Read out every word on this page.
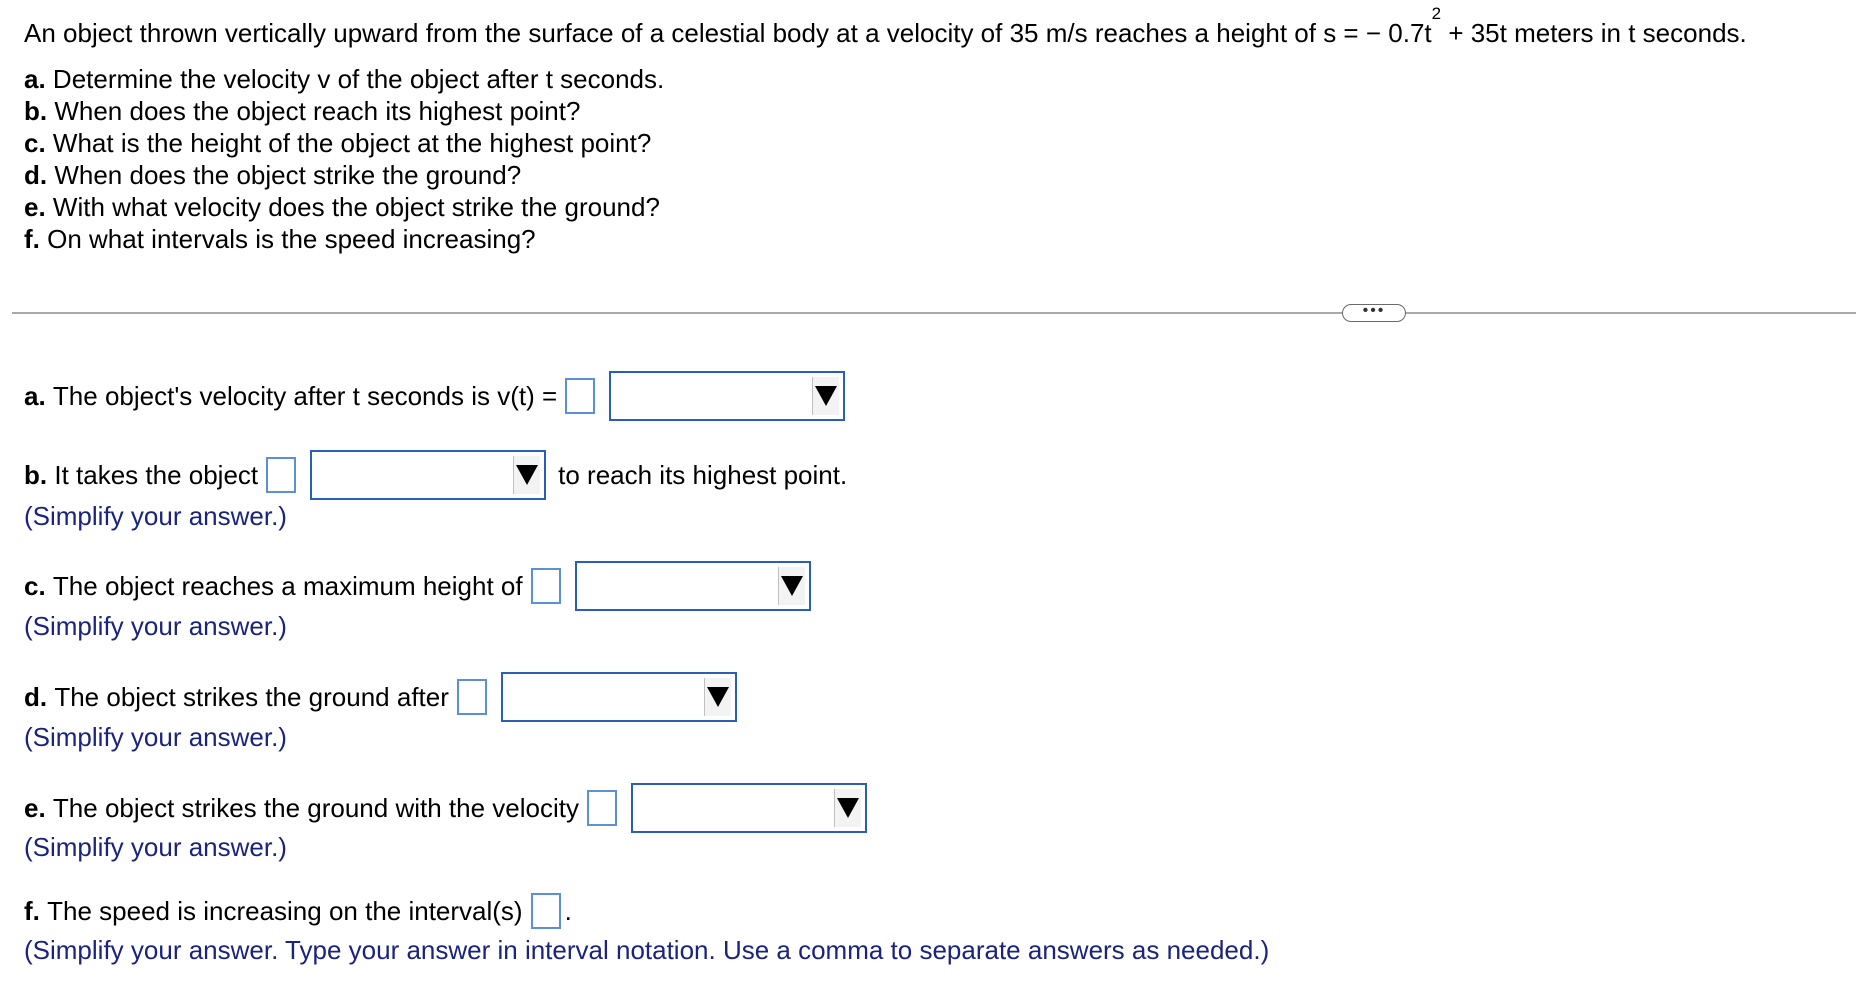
An object thrown vertically upward from the surface of a celestial body at a velocity of 35 m/s reaches a height of s = − $0.7t^2 + 35t$ meters in t seconds.
a. Determine the velocity v of the object after t seconds.
b. When does the object reach its highest point?
c. What is the height of the object at the highest point?
d. When does the object strike the ground?
e. With what velocity does the object strike the ground?
f. On what intervals is the speed increasing?
•••
a.
The object's velocity after t seconds is v(t) =
b.
It takes the object	to reach its highest point.
(Simplify your answer.)
c.
The object reaches a maximum height of
(Simplify your answer.)
d.
The object strikes the ground after
(Simplify your answer.)
e.
The object strikes the ground with the velocity
(Simplify your answer.)
f.
The speed is increasing on the interval(s) .
(Simplify your answer. Type your answer in interval notation. Use a comma to separate answers as needed.)
